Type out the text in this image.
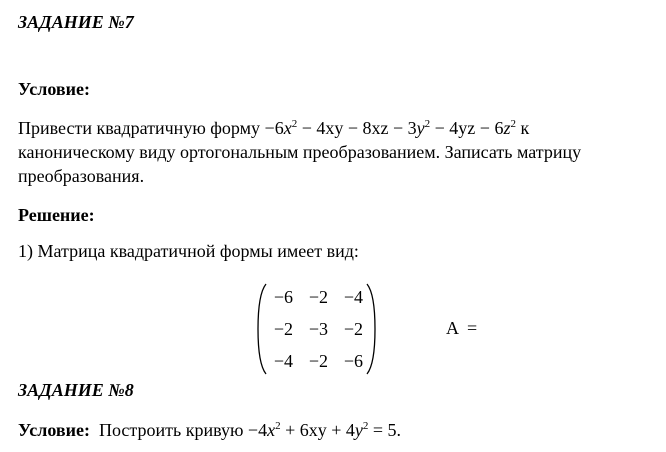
ЗАДАНИЕ №7
Условие:
Привести квадратичную форму $-6x^2 - 4xy - 8xz - 3y^2 - 4yz - 6z^2$ к
каноническому виду ортогональным преобразованием. Записать матрицу
преобразования.
Решение:
1) Матрица квадратичной формы имеет вид:
−6 −2 −4
−2 −3 −2
−4 −2 −6
A  =
ЗАДАНИЕ №8
Условие: Построить кривую $-4x^2 + 6xy + 4y^2 = 5$.
